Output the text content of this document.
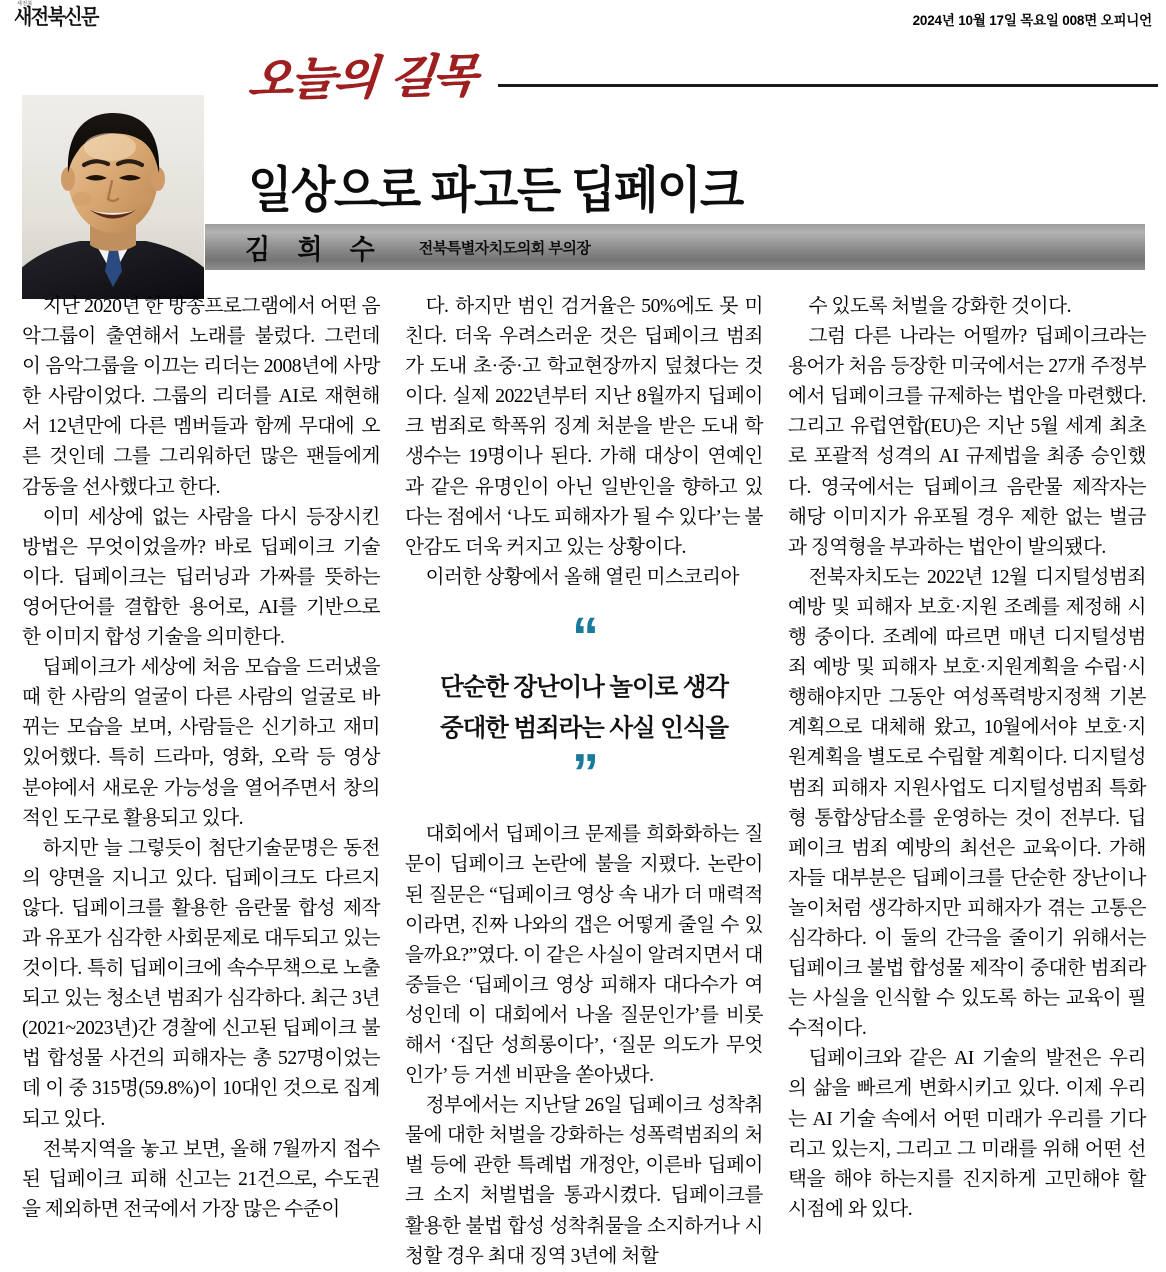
새전북
새전북신문	2024년 10월 17일 목요일 008면 오피니언
오늘의 길목
일상으로 파고든 딥페이크
김 희 수 전북특별자치도의회 부의장

지난 2020년 한 방송프로그램에서 어떤 음악그룹이 출연해서 노래를 불렀다. 그런데 이 음악그룹을 이끄는 리더는 2008년에 사망한 사람이었다. 그룹의 리더를 AI로 재현해서 12년만에 다른 멤버들과 함께 무대에 오른 것인데 그를 그리워하던 많은 팬들에게 감동을 선사했다고 한다.

이미 세상에 없는 사람을 다시 등장시킨 방법은 무엇이었을까? 바로 딥페이크 기술이다. 딥페이크는 딥러닝과 가짜를 뜻하는 영어단어를 결합한 용어로, AI를 기반으로 한 이미지 합성 기술을 의미한다.

딥페이크가 세상에 처음 모습을 드러냈을 때 한 사람의 얼굴이 다른 사람의 얼굴로 바뀌는 모습을 보며, 사람들은 신기하고 재미있어했다. 특히 드라마, 영화, 오락 등 영상 분야에서 새로운 가능성을 열어주면서 창의적인 도구로 활용되고 있다.

하지만 늘 그렇듯이 첨단기술문명은 동전의 양면을 지니고 있다. 딥페이크도 다르지 않다. 딥페이크를 활용한 음란물 합성 제작과 유포가 심각한 사회문제로 대두되고 있는 것이다. 특히 딥페이크에 속수무책으로 노출되고 있는 청소년 범죄가 심각하다. 최근 3년(2021~2023년)간 경찰에 신고된 딥페이크 불법 합성물 사건의 피해자는 총 527명이었는데 이 중 315명(59.8%)이 10대인 것으로 집계되고 있다.

전북지역을 놓고 보면, 올해 7월까지 접수된 딥페이크 피해 신고는 21건으로, 수도권을 제외하면 전국에서 가장 많은 수준이

다. 하지만 범인 검거율은 50%에도 못 미친다. 더욱 우려스러운 것은 딥페이크 범죄가 도내 초·중·고 학교현장까지 덮쳤다는 것이다. 실제 2022년부터 지난 8월까지 딥페이크 범죄로 학폭위 징계 처분을 받은 도내 학생수는 19명이나 된다. 가해 대상이 연예인과 같은 유명인이 아닌 일반인을 향하고 있다는 점에서 ‘나도 피해자가 될 수 있다’는 불안감도 더욱 커지고 있는 상황이다.

이러한 상황에서 올해 열린 미스코리아

“
단순한 장난이나 놀이로 생각
중대한 범죄라는 사실 인식을
”

대회에서 딥페이크 문제를 희화화하는 질문이 딥페이크 논란에 불을 지폈다. 논란이 된 질문은 “딥페이크 영상 속 내가 더 매력적이라면, 진짜 나와의 갭은 어떻게 줄일 수 있을까요?”였다. 이 같은 사실이 알려지면서 대중들은 ‘딥페이크 영상 피해자 대다수가 여성인데 이 대회에서 나올 질문인가’를 비롯해서 ‘집단 성희롱이다’, ‘질문 의도가 무엇인가’ 등 거센 비판을 쏟아냈다.

정부에서는 지난달 26일 딥페이크 성착취물에 대한 처벌을 강화하는 성폭력범죄의 처벌 등에 관한 특례법 개정안, 이른바 딥페이크 소지 처벌법을 통과시켰다. 딥페이크를 활용한 불법 합성 성착취물을 소지하거나 시청할 경우 최대 징역 3년에 처할

수 있도록 처벌을 강화한 것이다.

그럼 다른 나라는 어떨까? 딥페이크라는 용어가 처음 등장한 미국에서는 27개 주정부에서 딥페이크를 규제하는 법안을 마련했다. 그리고 유럽연합(EU)은 지난 5월 세계 최초로 포괄적 성격의 AI 규제법을 최종 승인했다. 영국에서는 딥페이크 음란물 제작자는 해당 이미지가 유포될 경우 제한 없는 벌금과 징역형을 부과하는 법안이 발의됐다.

전북자치도는 2022년 12월 디지털성범죄 예방 및 피해자 보호·지원 조례를 제정해 시행 중이다. 조례에 따르면 매년 디지털성범죄 예방 및 피해자 보호·지원계획을 수립·시행해야지만 그동안 여성폭력방지정책 기본계획으로 대체해 왔고, 10월에서야 보호·지원계획을 별도로 수립할 계획이다. 디지털성범죄 피해자 지원사업도 디지털성범죄 특화형 통합상담소를 운영하는 것이 전부다. 딥페이크 범죄 예방의 최선은 교육이다. 가해자들 대부분은 딥페이크를 단순한 장난이나 놀이처럼 생각하지만 피해자가 겪는 고통은 심각하다. 이 둘의 간극을 줄이기 위해서는 딥페이크 불법 합성물 제작이 중대한 범죄라는 사실을 인식할 수 있도록 하는 교육이 필수적이다.

딥페이크와 같은 AI 기술의 발전은 우리의 삶을 빠르게 변화시키고 있다. 이제 우리는 AI 기술 속에서 어떤 미래가 우리를 기다리고 있는지, 그리고 그 미래를 위해 어떤 선택을 해야 하는지를 진지하게 고민해야 할 시점에 와 있다.
